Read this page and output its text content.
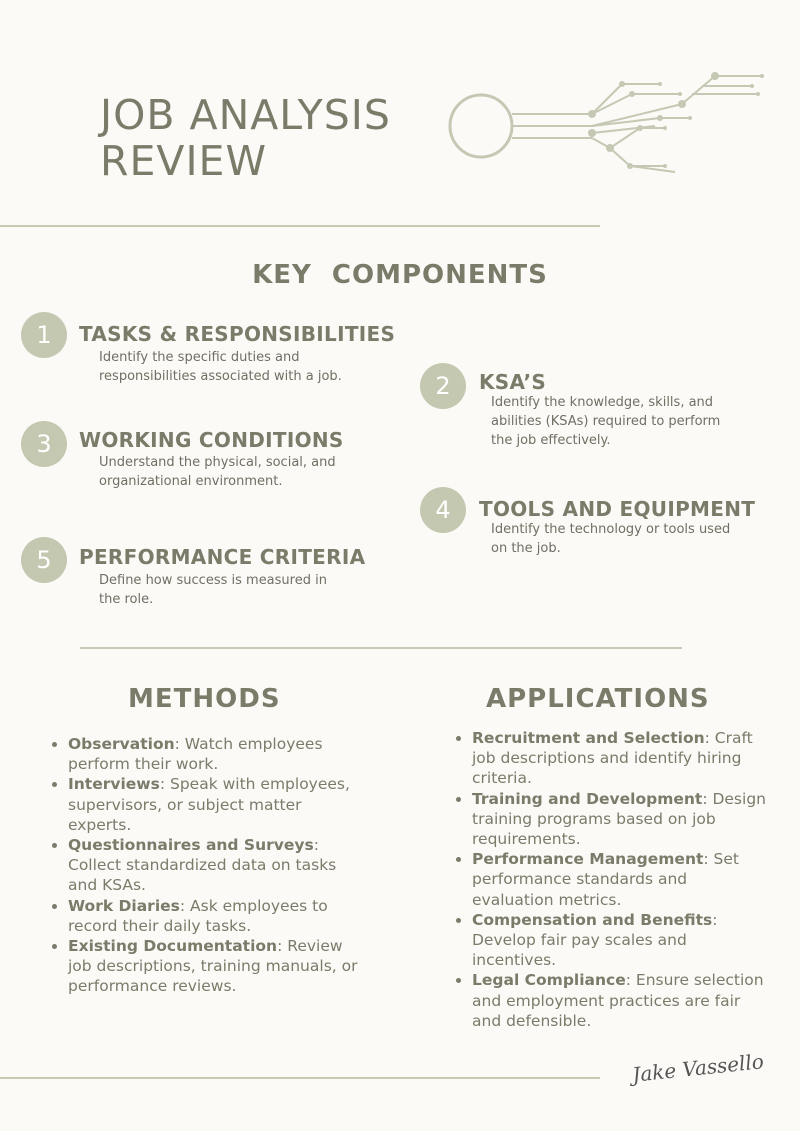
JOB ANALYSIS
REVIEW
KEY  COMPONENTS
1	TASKS & RESPONSIBILITIES
Identify the specific duties and
responsibilities associated with a job.	2	KSA’S
Identify the knowledge, skills, and
abilities (KSAs) required to perform
the job effectively.
3	WORKING CONDITIONS
Understand the physical, social, and
organizational environment.
4	TOOLS AND EQUIPMENT
Identify the technology or tools used
on the job.
5	PERFORMANCE CRITERIA
Define how success is measured in
the role.
METHODS
• Observation: Watch employees perform their work.
• Interviews: Speak with employees, supervisors, or subject matter experts.
• Questionnaires and Surveys: Collect standardized data on tasks and KSAs.
• Work Diaries: Ask employees to record their daily tasks.
• Existing Documentation: Review job descriptions, training manuals, or performance reviews.
APPLICATIONS
• Recruitment and Selection: Craft job descriptions and identify hiring criteria.
• Training and Development: Design training programs based on job requirements.
• Performance Management: Set performance standards and evaluation metrics.
• Compensation and Benefits: Develop fair pay scales and incentives.
• Legal Compliance: Ensure selection and employment practices are fair and defensible.
Jake Vassello
